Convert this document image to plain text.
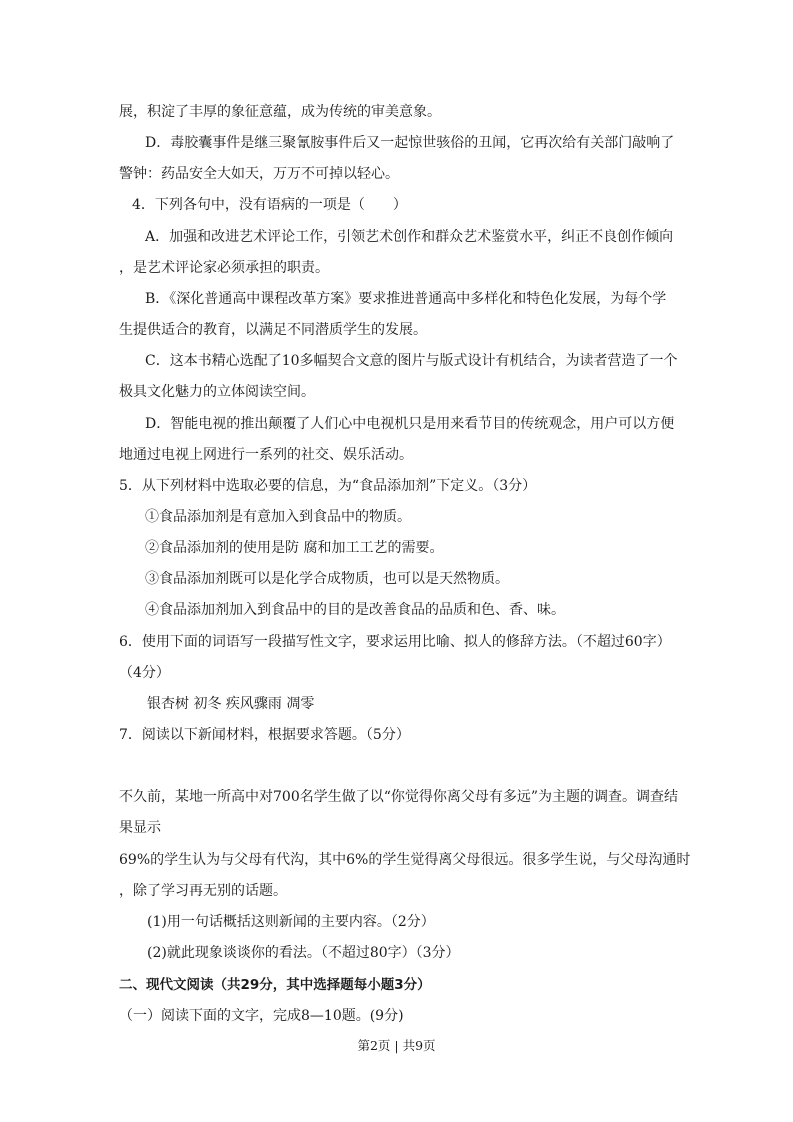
展，积淀了丰厚的象征意蕴，成为传统的审美意象。
D．毒胶囊事件是继三聚氰胺事件后又一起惊世骇俗的丑闻，它再次给有关部门敲响了
警钟：药品安全大如天，万万不可掉以轻心。
4．下列各句中，没有语病的一项是（　　）
A．加强和改进艺术评论工作，引领艺术创作和群众艺术鉴赏水平，纠正不良创作倾向
，是艺术评论家必须承担的职责。
B．《深化普通高中课程改革方案》要求推进普通高中多样化和特色化发展，为每个学
生提供适合的教育，以满足不同潜质学生的发展。
C．这本书精心选配了10多幅契合文意的图片与版式设计有机结合，为读者营造了一个
极具文化魅力的立体阅读空间。
D．智能电视的推出颠覆了人们心中电视机只是用来看节目的传统观念，用户可以方便
地通过电视上网进行一系列的社交、娱乐活动。
5．从下列材料中选取必要的信息，为“食品添加剂”下定义。（3分）
①食品添加剂是有意加入到食品中的物质。
②食品添加剂的使用是防 腐和加工工艺的需要。
③食品添加剂既可以是化学合成物质，也可以是天然物质。
④食品添加剂加入到食品中的目的是改善食品的品质和色、香、味。
6．使用下面的词语写一段描写性文字，要求运用比喻、拟人的修辞方法。（不超过60字）
（4分）
银杏树 初冬 疾风骤雨 凋零
7．阅读以下新闻材料，根据要求答题。（5分）
不久前，某地一所高中对700名学生做了以“你觉得你离父母有多远”为主题的调查。调查结
果显示
69%的学生认为与父母有代沟，其中6%的学生觉得离父母很远。很多学生说，与父母沟通时
，除了学习再无别的话题。
(1)用一句话概括这则新闻的主要内容。（2分）
(2)就此现象谈谈你的看法。（不超过80字）（3分）
二、现代文阅读（共29分，其中选择题每小题3分）
（一）阅读下面的文字，完成8—10题。(9分)
第2页 | 共9页
